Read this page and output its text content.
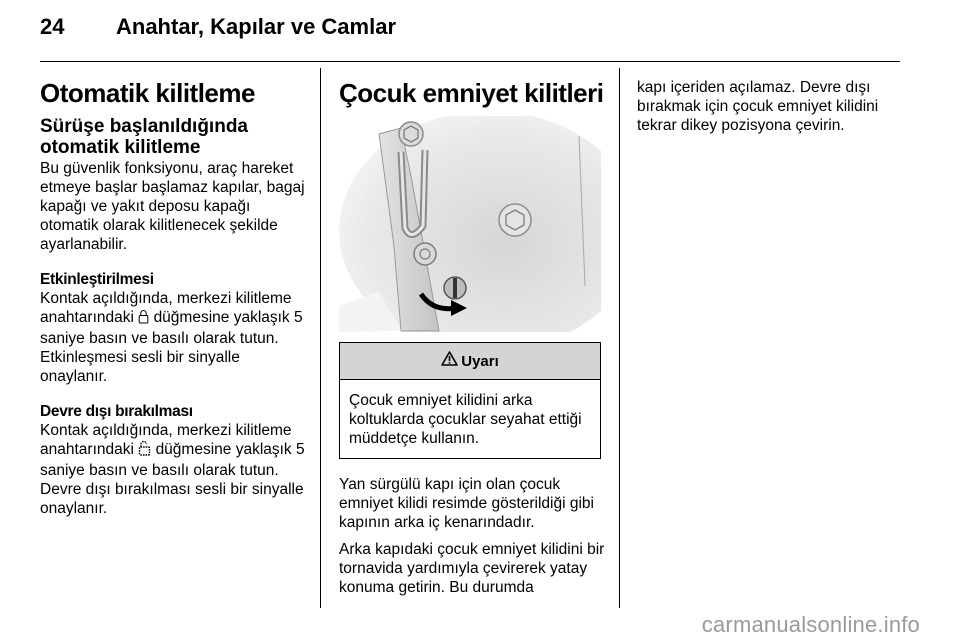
24 Anahtar, Kapılar ve Camlar
Otomatik kilitleme
Sürüşe başlanıldığında otomatik kilitleme

Bu güvenlik fonksiyonu, araç hareket etmeye başlar başlamaz kapılar, bagaj kapağı ve yakıt deposu kapağı otomatik olarak kilitlenecek şekilde ayarlanabilir.

Etkinleştirilmesi

Kontak açıldığında, merkezi kilitleme anahtarındaki düğmesine yaklaşık 5 saniye basın ve basılı olarak tutun. Etkinleşmesi sesli bir sinyalle onaylanır.

Devre dışı bırakılması

Kontak açıldığında, merkezi kilitleme anahtarındaki düğmesine yaklaşık 5 saniye basın ve basılı olarak tutun. Devre dışı bırakılması sesli bir sinyalle onaylanır.

Çocuk emniyet kilitleri
Uyarı
Çocuk emniyet kilidini arka koltuklarda çocuklar seyahat ettiği müddetçe kullanın.

Yan sürgülü kapı için olan çocuk emniyet kilidi resimde gösterildiği gibi kapının arka iç kenarındadır.

Arka kapıdaki çocuk emniyet kilidini bir tornavida yardımıyla çevirerek yatay konuma getirin. Bu durumda

kapı içeriden açılamaz. Devre dışı bırakmak için çocuk emniyet kilidini tekrar dikey pozisyona çevirin.

carmanualsonline.info
